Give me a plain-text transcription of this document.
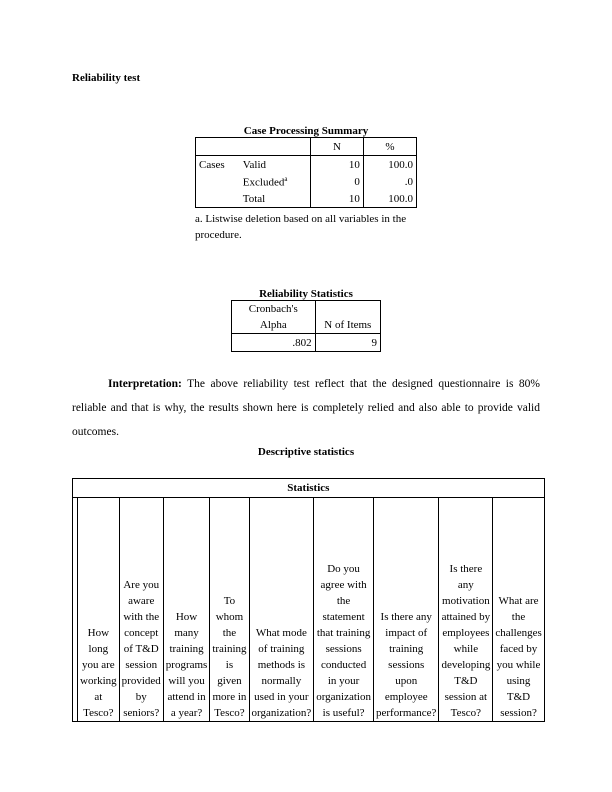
Reliability test
Case Processing Summary
		N	%
Cases	Valid	10	100.0
	Excluded$^a$	0	.0
	Total	10	100.0
a. Listwise deletion based on all variables in the procedure.
Reliability Statistics
Cronbach's Alpha	N of Items
.802	9
Interpretation: The above reliability test reflect that the designed questionnaire is 80% reliable and that is why, the results shown here is completely relied and also able to provide valid outcomes.
Descriptive statistics
Statistics
	How long you are working at Tesco?	Are you aware with the concept of T&D session provided by seniors?	How many training programs will you attend in a year?	To whom the training is given more in Tesco?	What mode of training methods is normally used in your organization?	Do you agree with the statement that training sessions conducted in your organization is useful?	Is there any impact of training sessions upon employee performance?	Is there any motivation attained by employees while developing T&D session at Tesco?	What are the challenges faced by you while using T&D session?
